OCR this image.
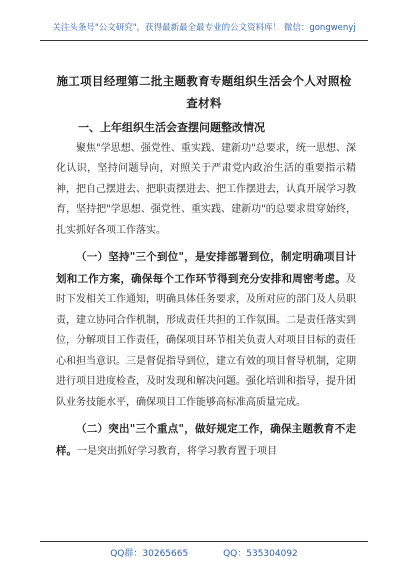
关注头条号"公文研究"，获得最新最全最专业的公文资料库！ 微信：gongwenyj
施工项目经理第二批主题教育专题组织生活会个人对照检查材料

一、上年组织生活会查摆问题整改情况

聚焦"学思想、强党性、重实践、建新功"总要求，统一思想、深化认识，坚持问题导向，对照关于严肃党内政治生活的重要指示精神，把自己摆进去、把职责摆进去、把工作摆进去，认真开展学习教育，坚持把"学思想、强党性、重实践、建新功"的总要求贯穿始终，扎实抓好各项工作落实。

（一）坚持"三个到位"，是安排部署到位，制定明确项目计划和工作方案，确保每个工作环节得到充分安排和周密考虑。及时下发相关工作通知，明确具体任务要求，及所对应的部门及人员职责，建立协同合作机制，形成责任共担的工作氛围。二是责任落实到位，分解项目工作责任，确保项目环节相关负责人对项目目标的责任心和担当意识。三是督促指导到位，建立有效的项目督导机制，定期进行项目进度检查，及时发现和解决问题。强化培训和指导，提升团队业务技能水平，确保项目工作能够高标准高质量完成。

（二）突出"三个重点"，做好规定工作，确保主题教育不走样。一是突出抓好学习教育，将学习教育置于项目

QQ群：30265665	QQ：535304092
